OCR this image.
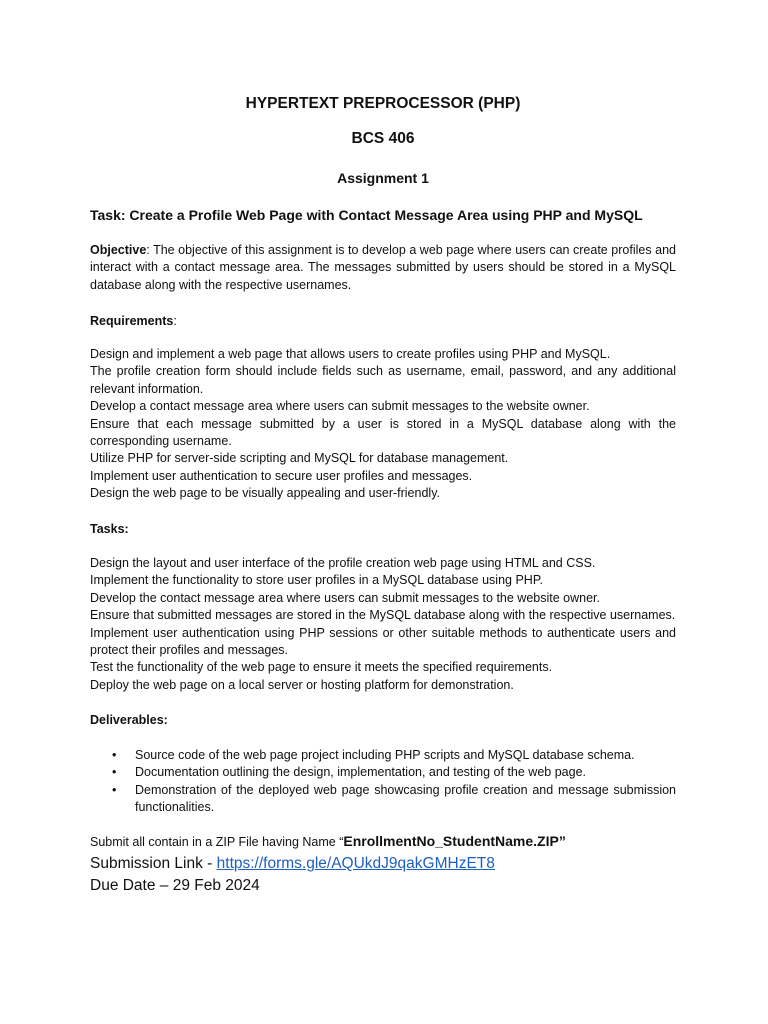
HYPERTEXT PREPROCESSOR (PHP)
BCS 406
Assignment 1
Task: Create a Profile Web Page with Contact Message Area using PHP and MySQL
Objective: The objective of this assignment is to develop a web page where users can create profiles and interact with a contact message area. The messages submitted by users should be stored in a MySQL database along with the respective usernames.
Requirements:

Design and implement a web page that allows users to create profiles using PHP and MySQL.

The profile creation form should include fields such as username, email, password, and any additional relevant information.

Develop a contact message area where users can submit messages to the website owner.

Ensure that each message submitted by a user is stored in a MySQL database along with the corresponding username.

Utilize PHP for server-side scripting and MySQL for database management.

Implement user authentication to secure user profiles and messages.

Design the web page to be visually appealing and user-friendly.

Tasks:

Design the layout and user interface of the profile creation web page using HTML and CSS.

Implement the functionality to store user profiles in a MySQL database using PHP.

Develop the contact message area where users can submit messages to the website owner.

Ensure that submitted messages are stored in the MySQL database along with the respective usernames.

Implement user authentication using PHP sessions or other suitable methods to authenticate users and protect their profiles and messages.

Test the functionality of the web page to ensure it meets the specified requirements.

Deploy the web page on a local server or hosting platform for demonstration.

Deliverables:
• Source code of the web page project including PHP scripts and MySQL database schema.
• Documentation outlining the design, implementation, and testing of the web page.
• Demonstration of the deployed web page showcasing profile creation and message submission functionalities.
Submit all contain in a ZIP File having Name “EnrollmentNo_StudentName.ZIP”
Submission Link - https://forms.gle/AQUkdJ9qakGMHzET8
Due Date – 29 Feb 2024
